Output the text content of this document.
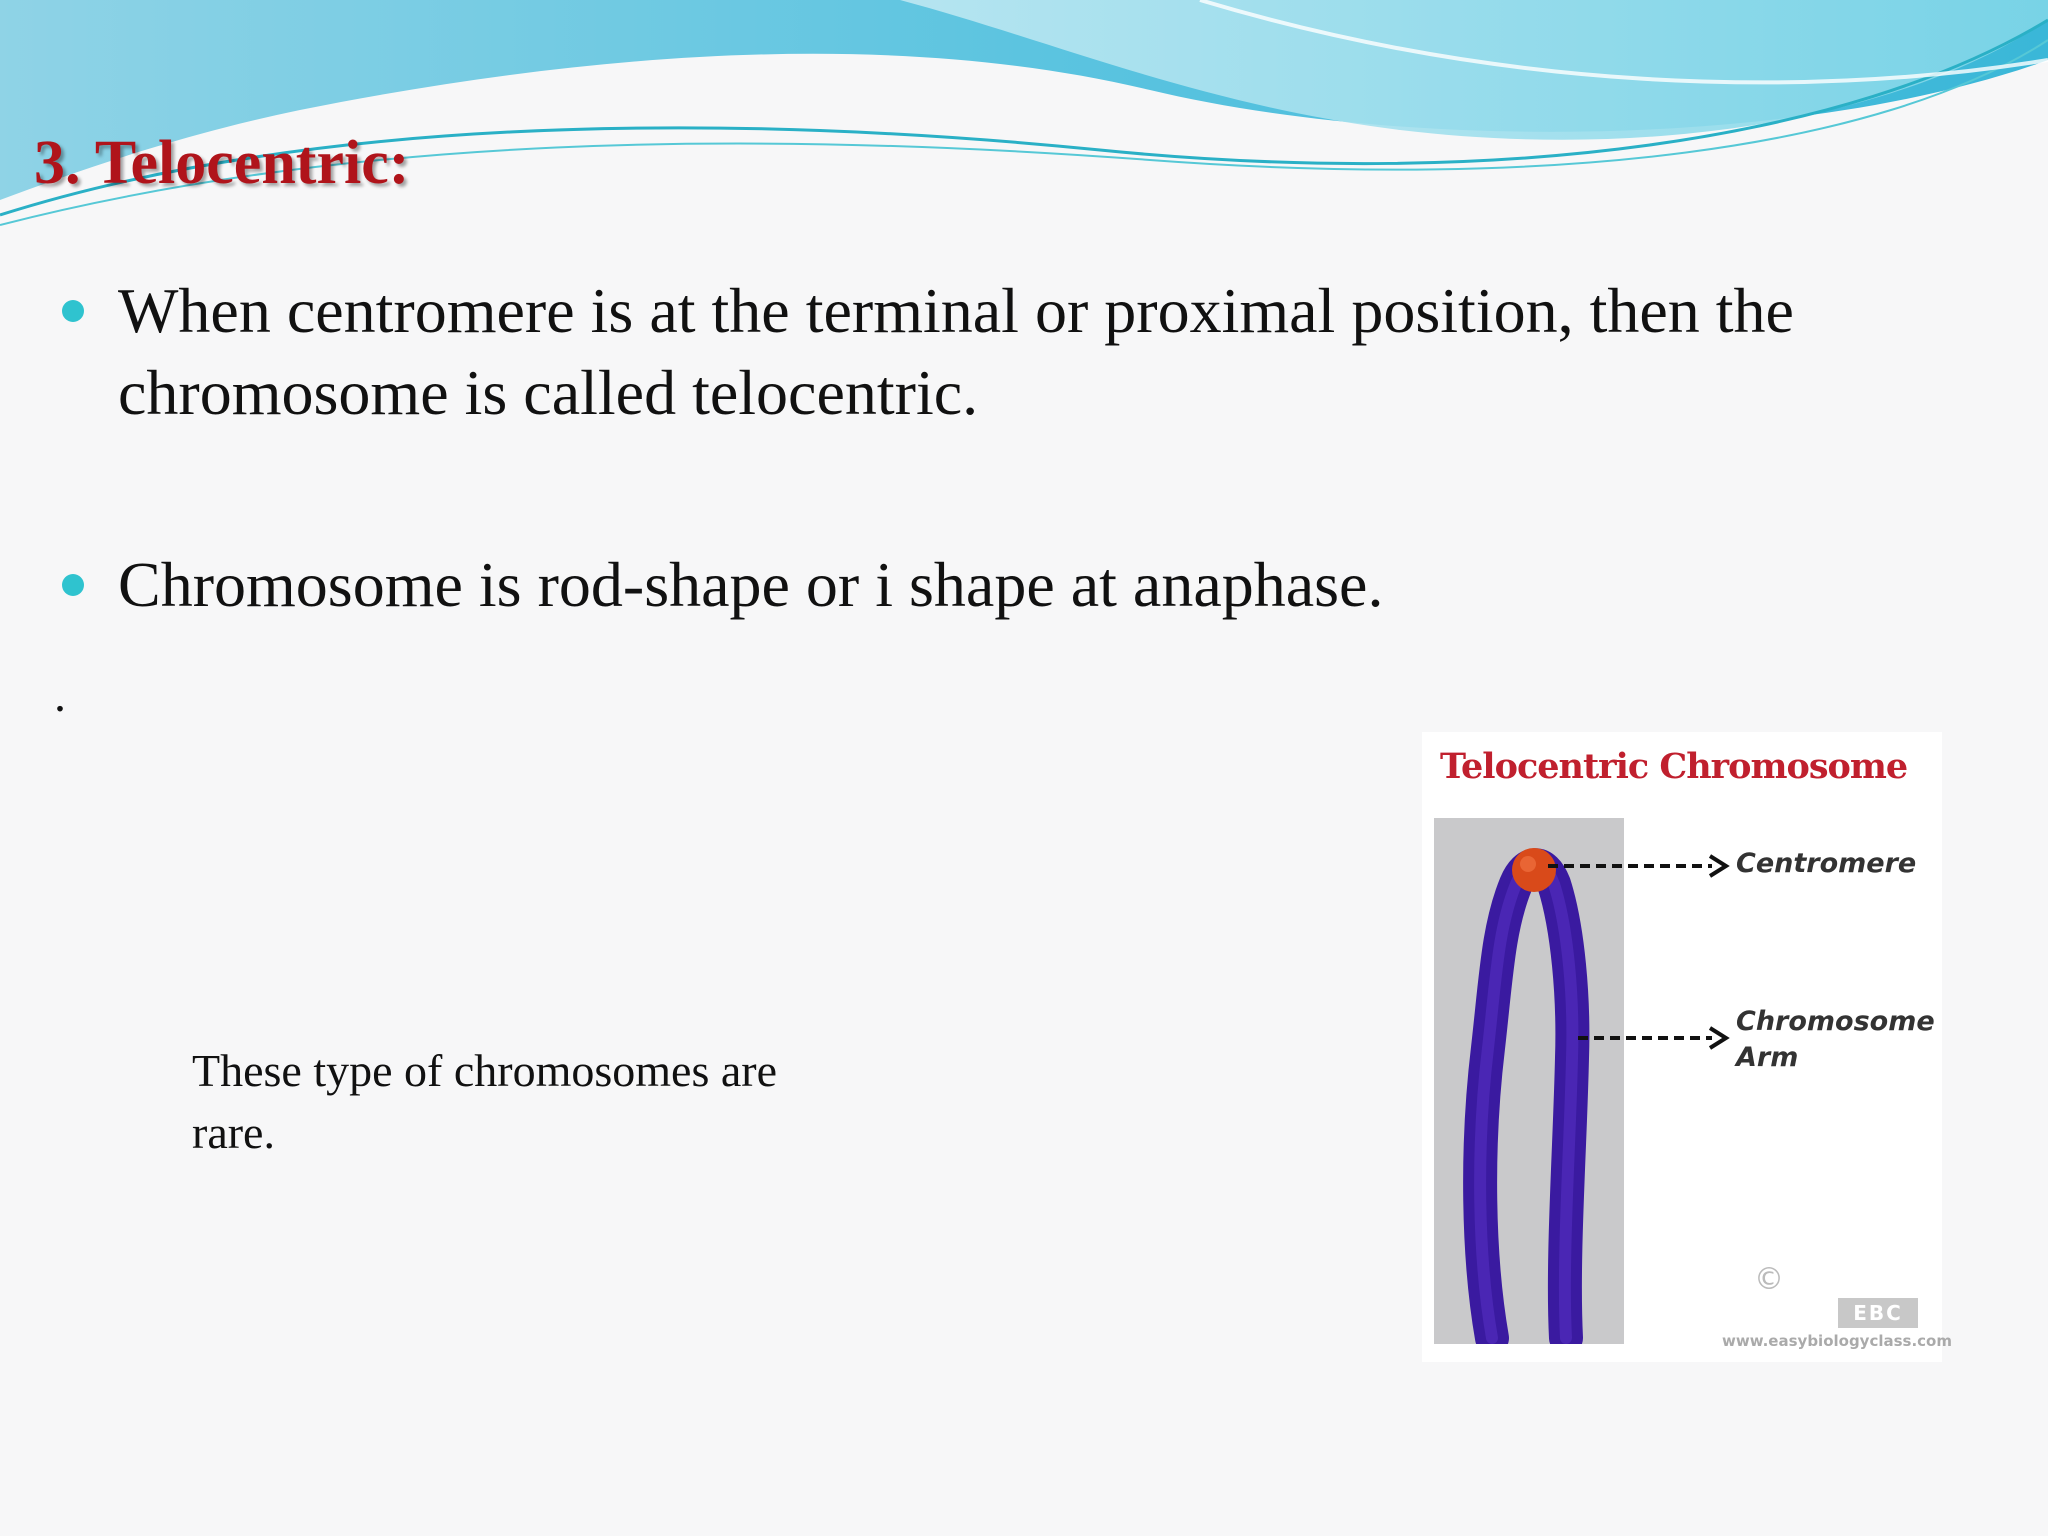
3. Telocentric:
When centromere is at the terminal or proximal position, then the chromosome is called telocentric.
Chromosome is rod-shape or i shape at anaphase.
.
These type of chromosomes are rare.
Telocentric Chromosome
Centromere
Chromosome
Arm
©
EBC
www.easybiologyclass.com
